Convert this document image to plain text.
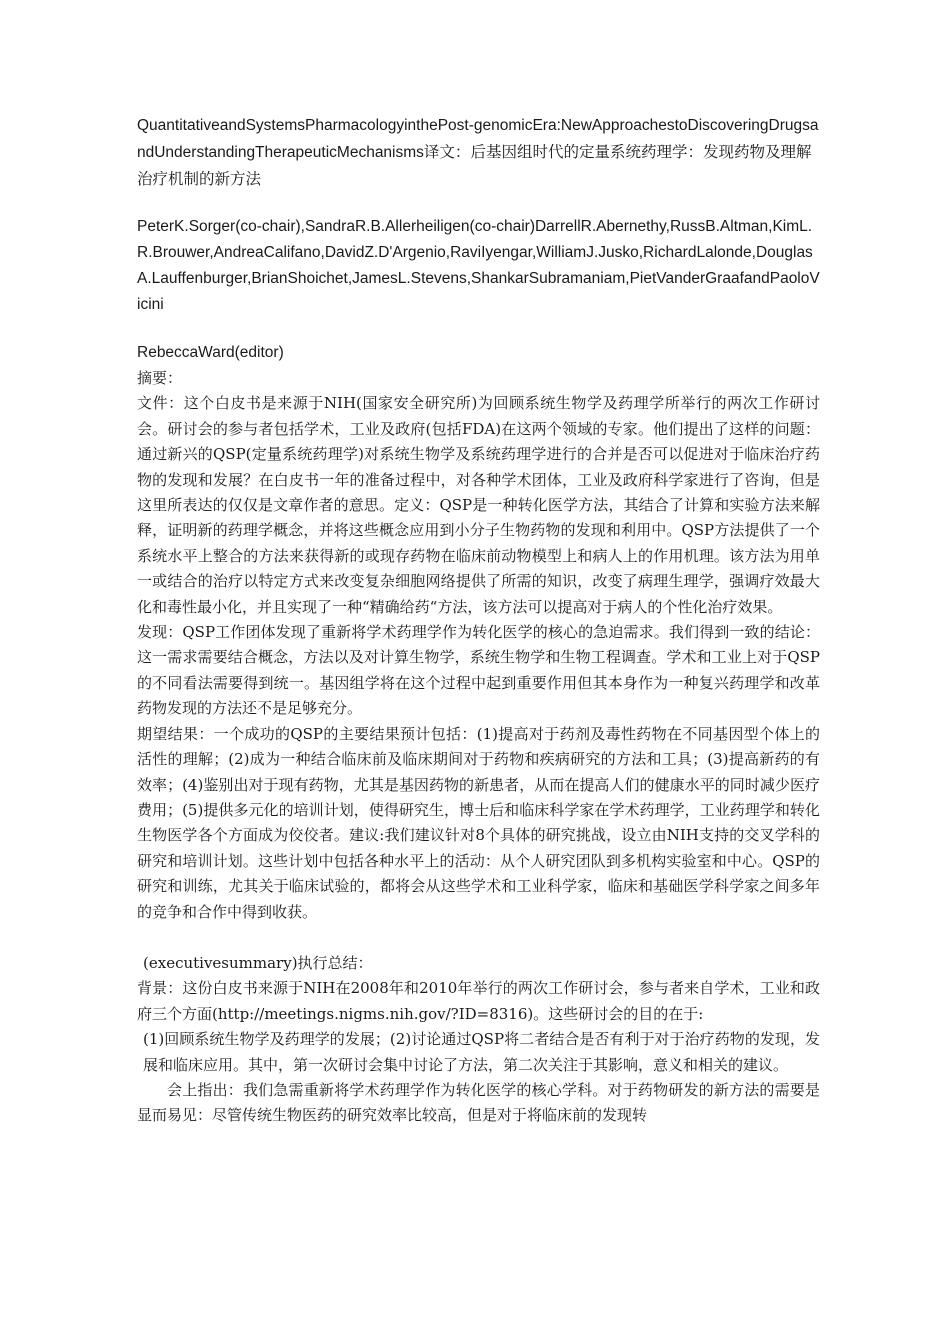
QuantitativeandSystemsPharmacologyinthePost-genomicEra:NewApproachestoDiscoveringDrugsandUnderstandingTherapeuticMechanisms译文：后基因组时代的定量系统药理学：发现药物及理解治疗机制的新方法
PeterK.Sorger(co-chair),SandraR.B.Allerheiligen(co-chair)DarrellR.Abernethy,RussB.Altman,KimL.R.Brouwer,AndreaCalifano,DavidZ.D'Argenio,RaviIyengar,WilliamJ.Jusko,RichardLalonde,DouglasA.Lauffenburger,BrianShoichet,JamesL.Stevens,ShankarSubramaniam,PietVanderGraafandPaoloVicini
RebeccaWard(editor)

摘要：

文件：这个白皮书是来源于NIH(国家安全研究所)为回顾系统生物学及药理学所举行的两次工作研讨会。研讨会的参与者包括学术，工业及政府(包括FDA)在这两个领域的专家。他们提出了这样的问题：通过新兴的QSP(定量系统药理学)对系统生物学及系统药理学进行的合并是否可以促进对于临床治疗药物的发现和发展？在白皮书一年的准备过程中，对各种学术团体，工业及政府科学家进行了咨询，但是这里所表达的仅仅是文章作者的意思。定义：QSP是一种转化医学方法，其结合了计算和实验方法来解释，证明新的药理学概念，并将这些概念应用到小分子生物药物的发现和利用中。QSP方法提供了一个系统水平上整合的方法来获得新的或现存药物在临床前动物模型上和病人上的作用机理。该方法为用单一或结合的治疗以特定方式来改变复杂细胞网络提供了所需的知识，改变了病理生理学，强调疗效最大化和毒性最小化，并且实现了一种“精确给药“方法，该方法可以提高对于病人的个性化治疗效果。

发现：QSP工作团体发现了重新将学术药理学作为转化医学的核心的急迫需求。我们得到一致的结论：这一需求需要结合概念，方法以及对计算生物学，系统生物学和生物工程调查。学术和工业上对于QSP的不同看法需要得到统一。基因组学将在这个过程中起到重要作用但其本身作为一种复兴药理学和改革药物发现的方法还不是足够充分。

期望结果：一个成功的QSP的主要结果预计包括：(1)提高对于药剂及毒性药物在不同基因型个体上的活性的理解；(2)成为一种结合临床前及临床期间对于药物和疾病研究的方法和工具；(3)提高新药的有效率；(4)鉴别出对于现有药物，尤其是基因药物的新患者，从而在提高人们的健康水平的同时减少医疗费用；(5)提供多元化的培训计划，使得研究生，博士后和临床科学家在学术药理学，工业药理学和转化生物医学各个方面成为佼佼者。建议:我们建议针对8个具体的研究挑战，设立由NIH支持的交叉学科的研究和培训计划。这些计划中包括各种水平上的活动：从个人研究团队到多机构实验室和中心。QSP的研究和训练，尤其关于临床试验的，都将会从这些学术和工业科学家，临床和基础医学科学家之间多年的竞争和合作中得到收获。

(executivesummary)执行总结：

背景：这份白皮书来源于NIH在2008年和2010年举行的两次工作研讨会，参与者来自学术，工业和政府三个方面(http://meetings.nigms.nih.gov/?ID=8316)。这些研讨会的目的在于:

(1)回顾系统生物学及药理学的发展；(2)讨论通过QSP将二者结合是否有利于对于治疗药物的发现，发展和临床应用。其中，第一次研讨会集中讨论了方法，第二次关注于其影响，意义和相关的建议。

会上指出：我们急需重新将学术药理学作为转化医学的核心学科。对于药物研发的新方法的需要是显而易见：尽管传统生物医药的研究效率比较高，但是对于将临床前的发现转
